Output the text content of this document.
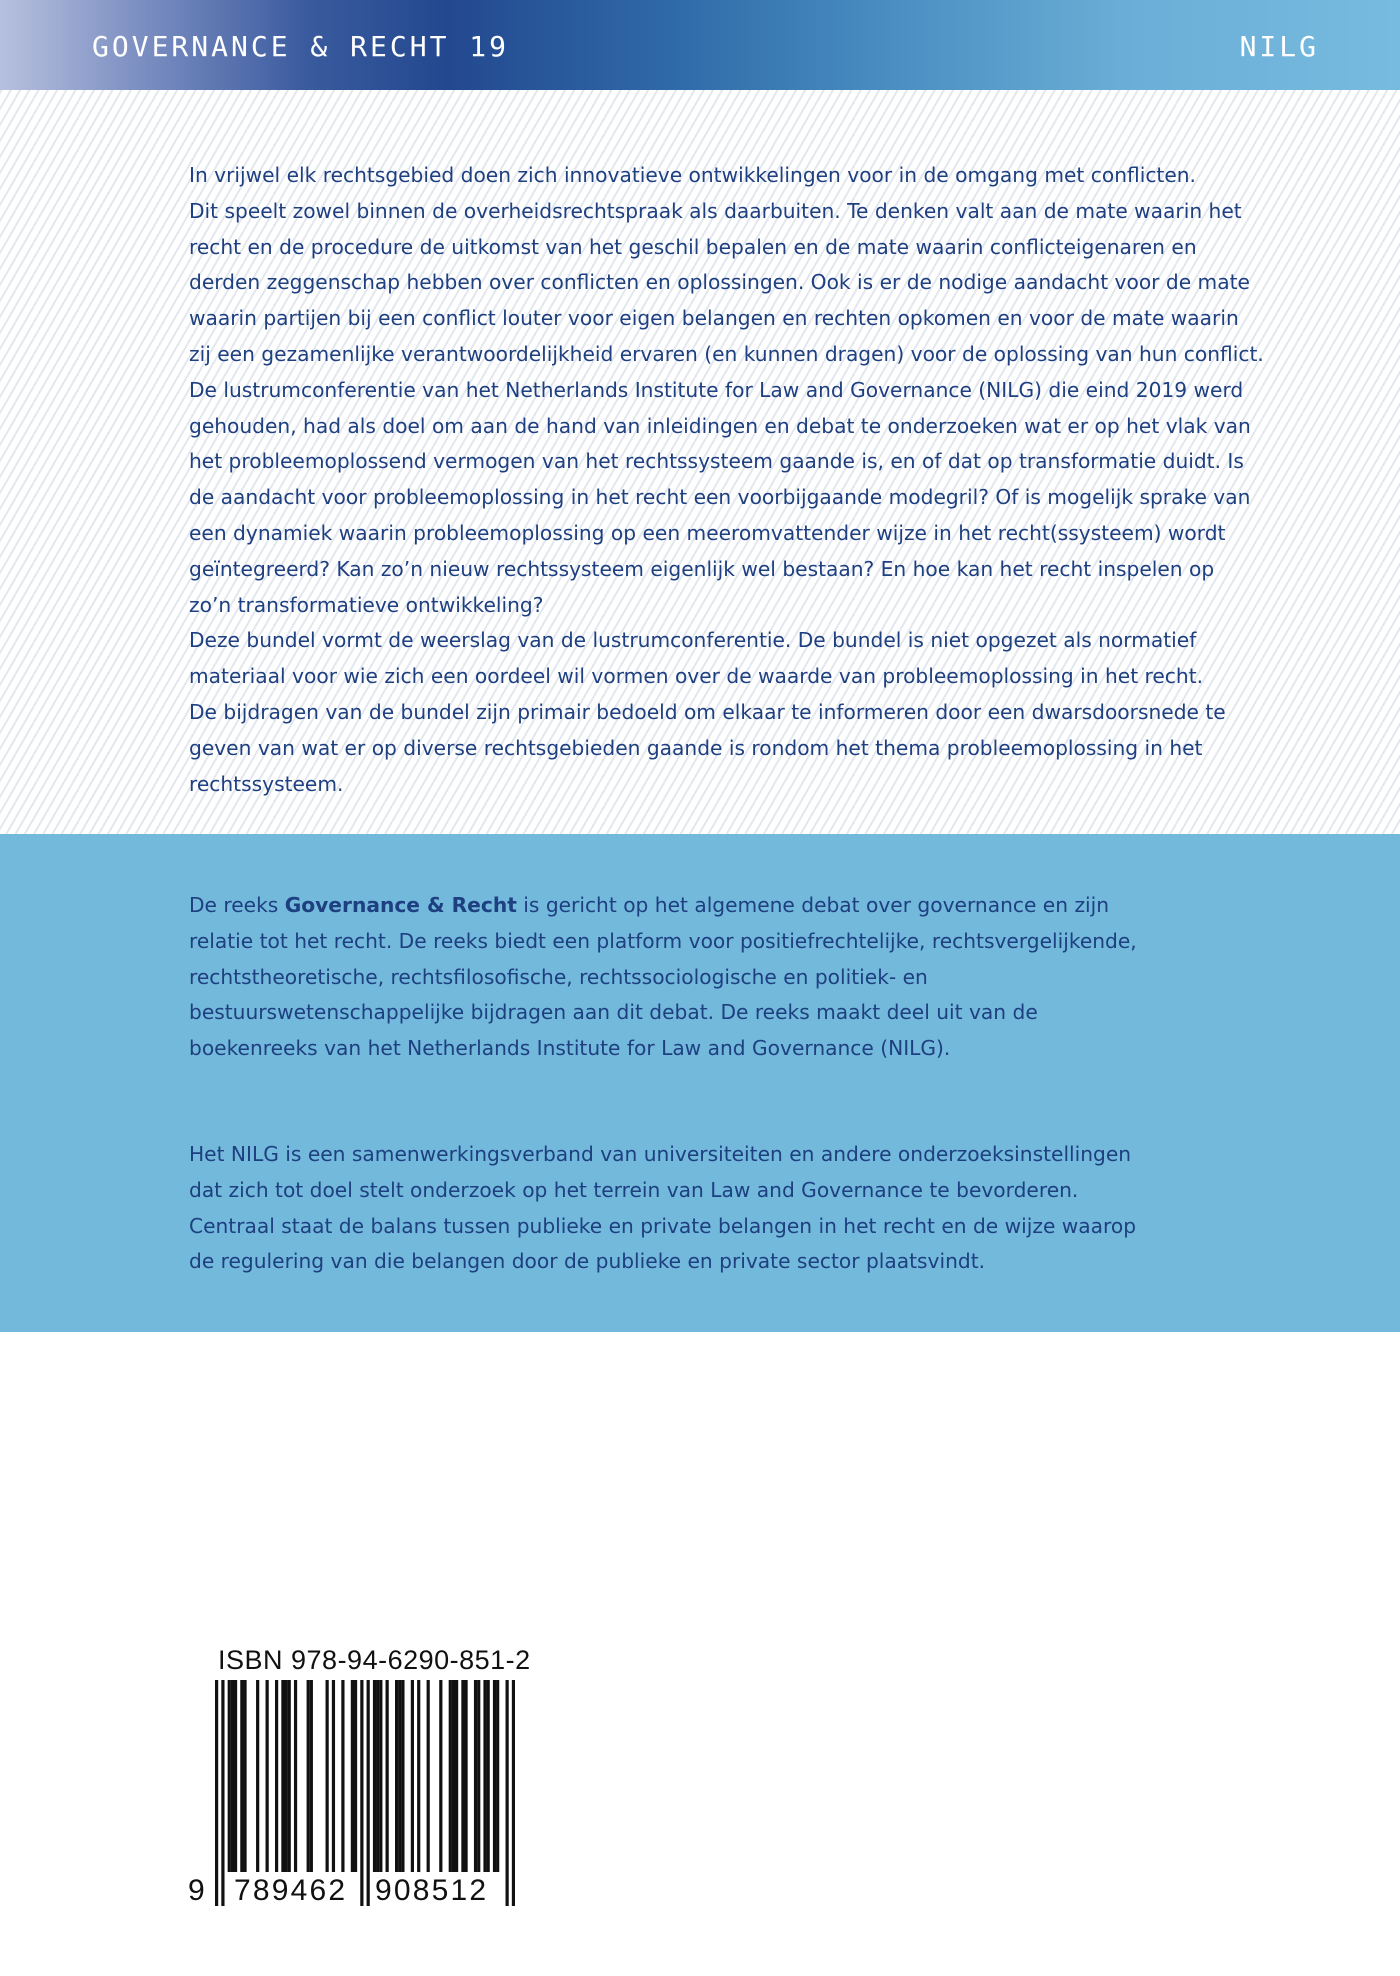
GOVERNANCE & RECHT 19	NILG
In vrijwel elk rechtsgebied doen zich innovatieve ontwikkelingen voor in de omgang met conflicten.
Dit speelt zowel binnen de overheidsrechtspraak als daarbuiten. Te denken valt aan de mate waarin het
recht en de procedure de uitkomst van het geschil bepalen en de mate waarin conflicteigenaren en
derden zeggenschap hebben over conflicten en oplossingen. Ook is er de nodige aandacht voor de mate
waarin partijen bij een conflict louter voor eigen belangen en rechten opkomen en voor de mate waarin
zij een gezamenlijke verantwoordelijkheid ervaren (en kunnen dragen) voor de oplossing van hun conflict.
De lustrumconferentie van het Netherlands Institute for Law and Governance (NILG) die eind 2019 werd
gehouden, had als doel om aan de hand van inleidingen en debat te onderzoeken wat er op het vlak van
het probleemoplossend vermogen van het rechtssysteem gaande is, en of dat op transformatie duidt. Is
de aandacht voor probleemoplossing in het recht een voorbijgaande modegril? Of is mogelijk sprake van
een dynamiek waarin probleemoplossing op een meeromvattender wijze in het recht(ssysteem) wordt
geïntegreerd? Kan zo’n nieuw rechtssysteem eigenlijk wel bestaan? En hoe kan het recht inspelen op
zo’n transformatieve ontwikkeling?
Deze bundel vormt de weerslag van de lustrumconferentie. De bundel is niet opgezet als normatief
materiaal voor wie zich een oordeel wil vormen over de waarde van probleemoplossing in het recht.
De bijdragen van de bundel zijn primair bedoeld om elkaar te informeren door een dwarsdoorsnede te
geven van wat er op diverse rechtsgebieden gaande is rondom het thema probleemoplossing in het
rechtssysteem.
De reeks Governance & Recht is gericht op het algemene debat over governance en zijn
relatie tot het recht. De reeks biedt een platform voor positiefrechtelijke, rechtsvergelijkende,
rechtstheoretische, rechtsfilosofische, rechtssociologische en politiek- en
bestuurswetenschappelijke bijdragen aan dit debat. De reeks maakt deel uit van de
boekenreeks van het Netherlands Institute for Law and Governance (NILG).
Het NILG is een samenwerkingsverband van universiteiten en andere onderzoeksinstellingen
dat zich tot doel stelt onderzoek op het terrein van Law and Governance te bevorderen.
Centraal staat de balans tussen publieke en private belangen in het recht en de wijze waarop
de regulering van die belangen door de publieke en private sector plaatsvindt.
ISBN 978-94-6290-851-2
9 789462 908512
